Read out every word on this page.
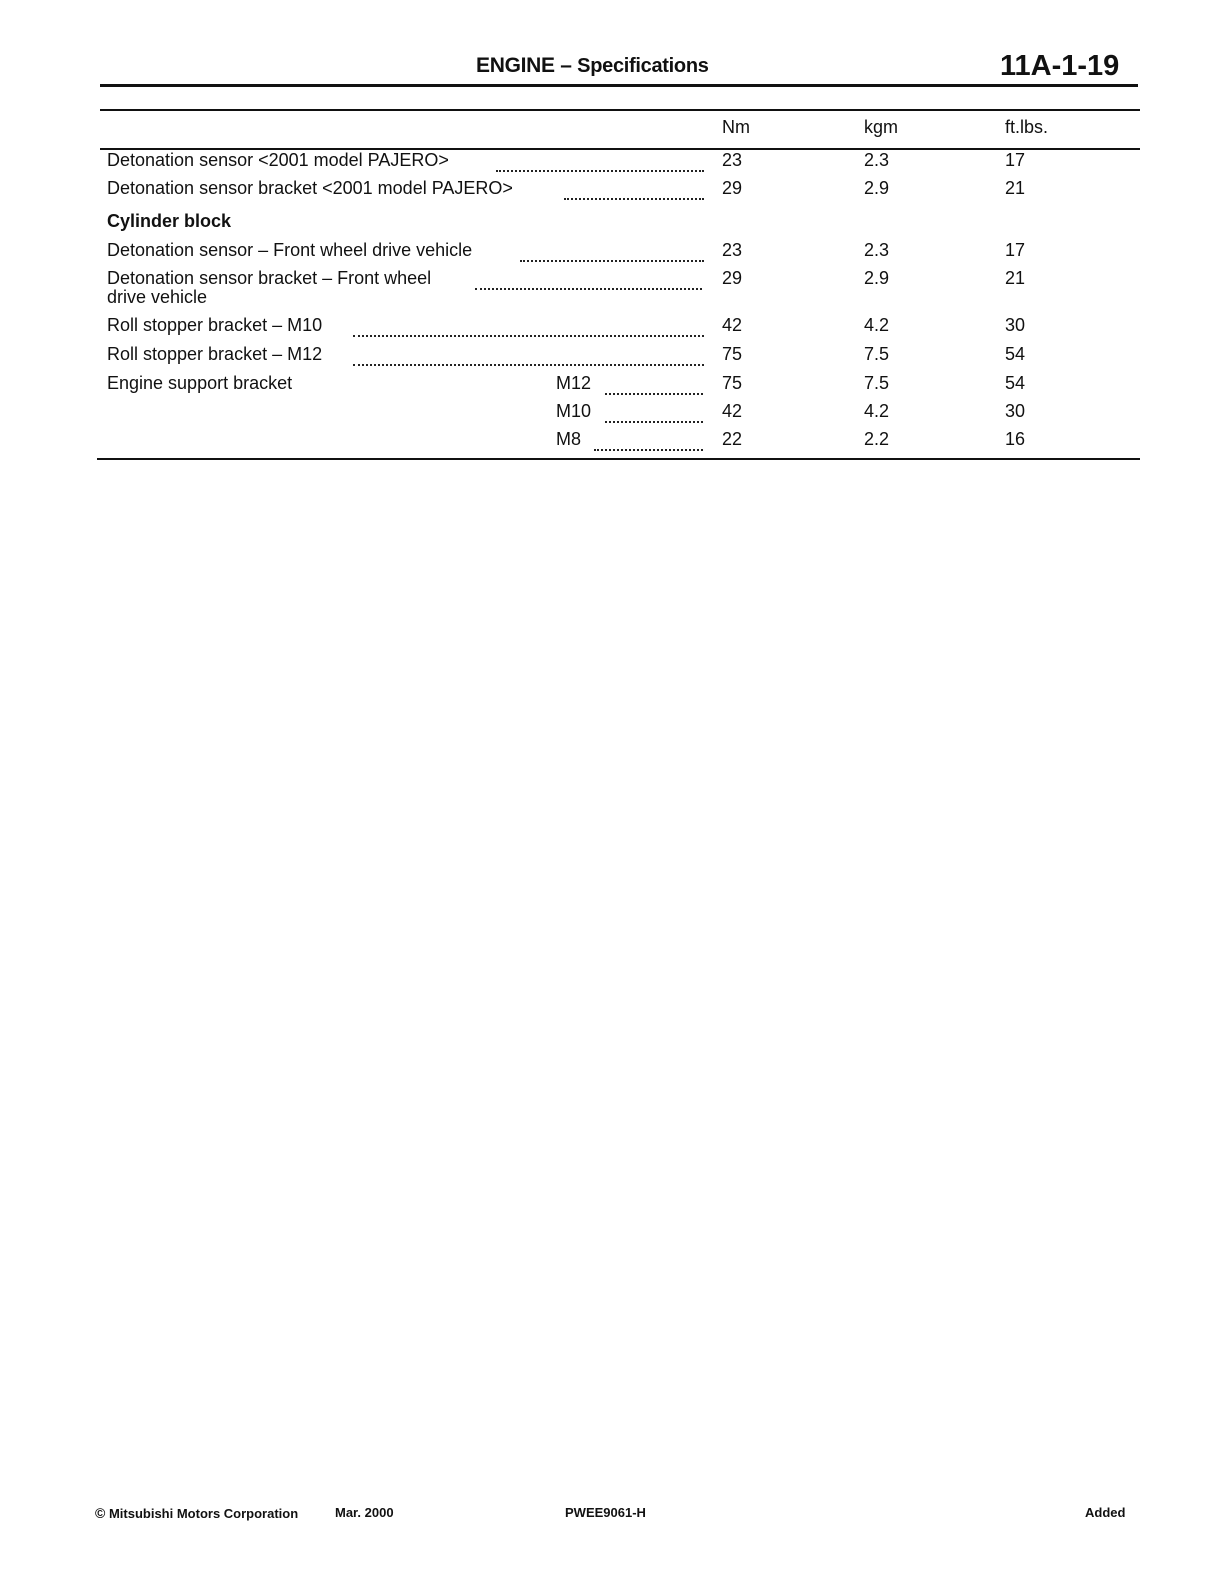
ENGINE – Specifications	11A-1-19
Nm	kgm	ft.lbs.
Detonation sensor <2001 model PAJERO>	23	2.3	17
Detonation sensor bracket <2001 model PAJERO>	29	2.9	21
Cylinder block
Detonation sensor – Front wheel drive vehicle	23	2.3	17
Detonation sensor bracket – Front wheel
drive vehicle
29	2.9	21
Roll stopper bracket – M10	42	4.2	30
Roll stopper bracket – M12	75	7.5	54
Engine support bracket	M12	75	7.5	54
M10	42	4.2	30
M8	22	2.2	16
© Mitsubishi Motors Corporation	Mar. 2000	PWEE9061-H	Added
